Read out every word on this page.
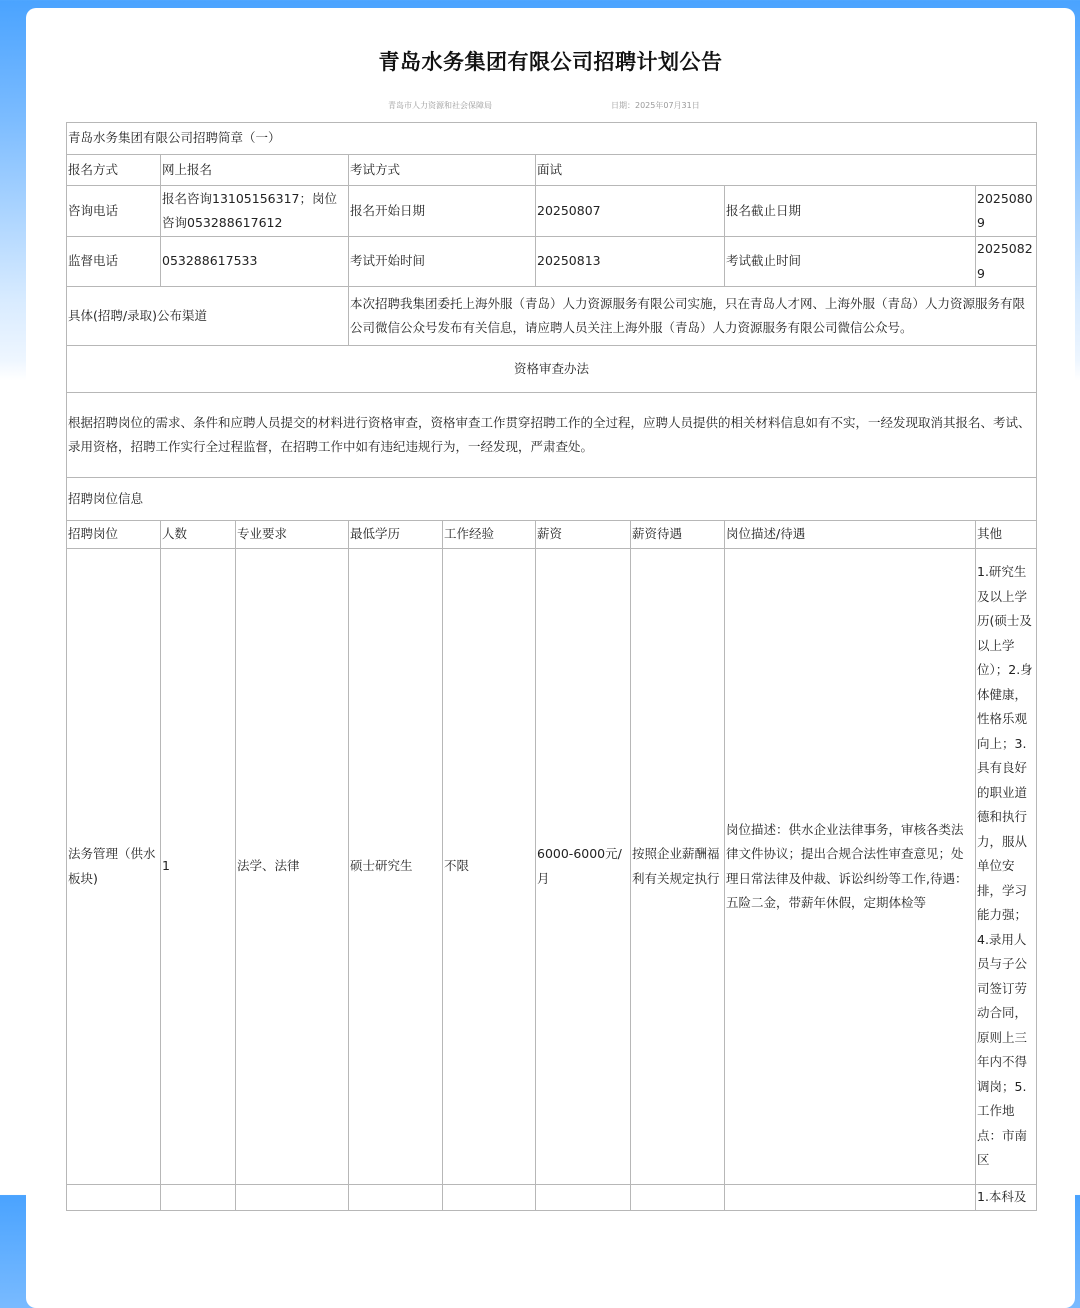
青岛水务集团有限公司招聘计划公告
青岛市人力资源和社会保障局	日期：2025年07月31日
青岛水务集团有限公司招聘简章（一）								
报名方式	网上报名		考试方式		面试			
咨询电话	报名咨询13105156317；岗位咨询053288617612		报名开始日期		20250807		报名截止日期	20250809
监督电话	053288617533		考试开始时间		20250813		考试截止时间	20250829
具体(招聘/录取)公布渠道			本次招聘我集团委托上海外服（青岛）人力资源服务有限公司实施，只在青岛人才网、上海外服（青岛）人力资源服务有限公司微信公众号发布有关信息，请应聘人员关注上海外服（青岛）人力资源服务有限公司微信公众号。					
资格审查办法								
根据招聘岗位的需求、条件和应聘人员提交的材料进行资格审查，资格审查工作贯穿招聘工作的全过程，应聘人员提供的相关材料信息如有不实，一经发现取消其报名、考试、录用资格，招聘工作实行全过程监督，在招聘工作中如有违纪违规行为，一经发现，严肃查处。								
招聘岗位信息								
招聘岗位	人数	专业要求	最低学历	工作经验	薪资	薪资待遇	岗位描述/待遇	其他
法务管理（供水板块)	1	法学、法律	硕士研究生	不限	6000-6000元/月	按照企业薪酬福利有关规定执行	岗位描述：供水企业法律事务，审核各类法律文件协议；提出合规合法性审查意见；处理日常法律及仲裁、诉讼纠纷等工作,待遇：五险二金，带薪年休假，定期体检等	1.研究生及以上学历(硕士及以上学位）；2.身体健康，性格乐观向上；3.具有良好的职业道德和执行力，服从单位安排，学习能力强；4.录用人员与子公司签订劳动合同，原则上三年内不得调岗；5.工作地点：市南区
								1.本科及
